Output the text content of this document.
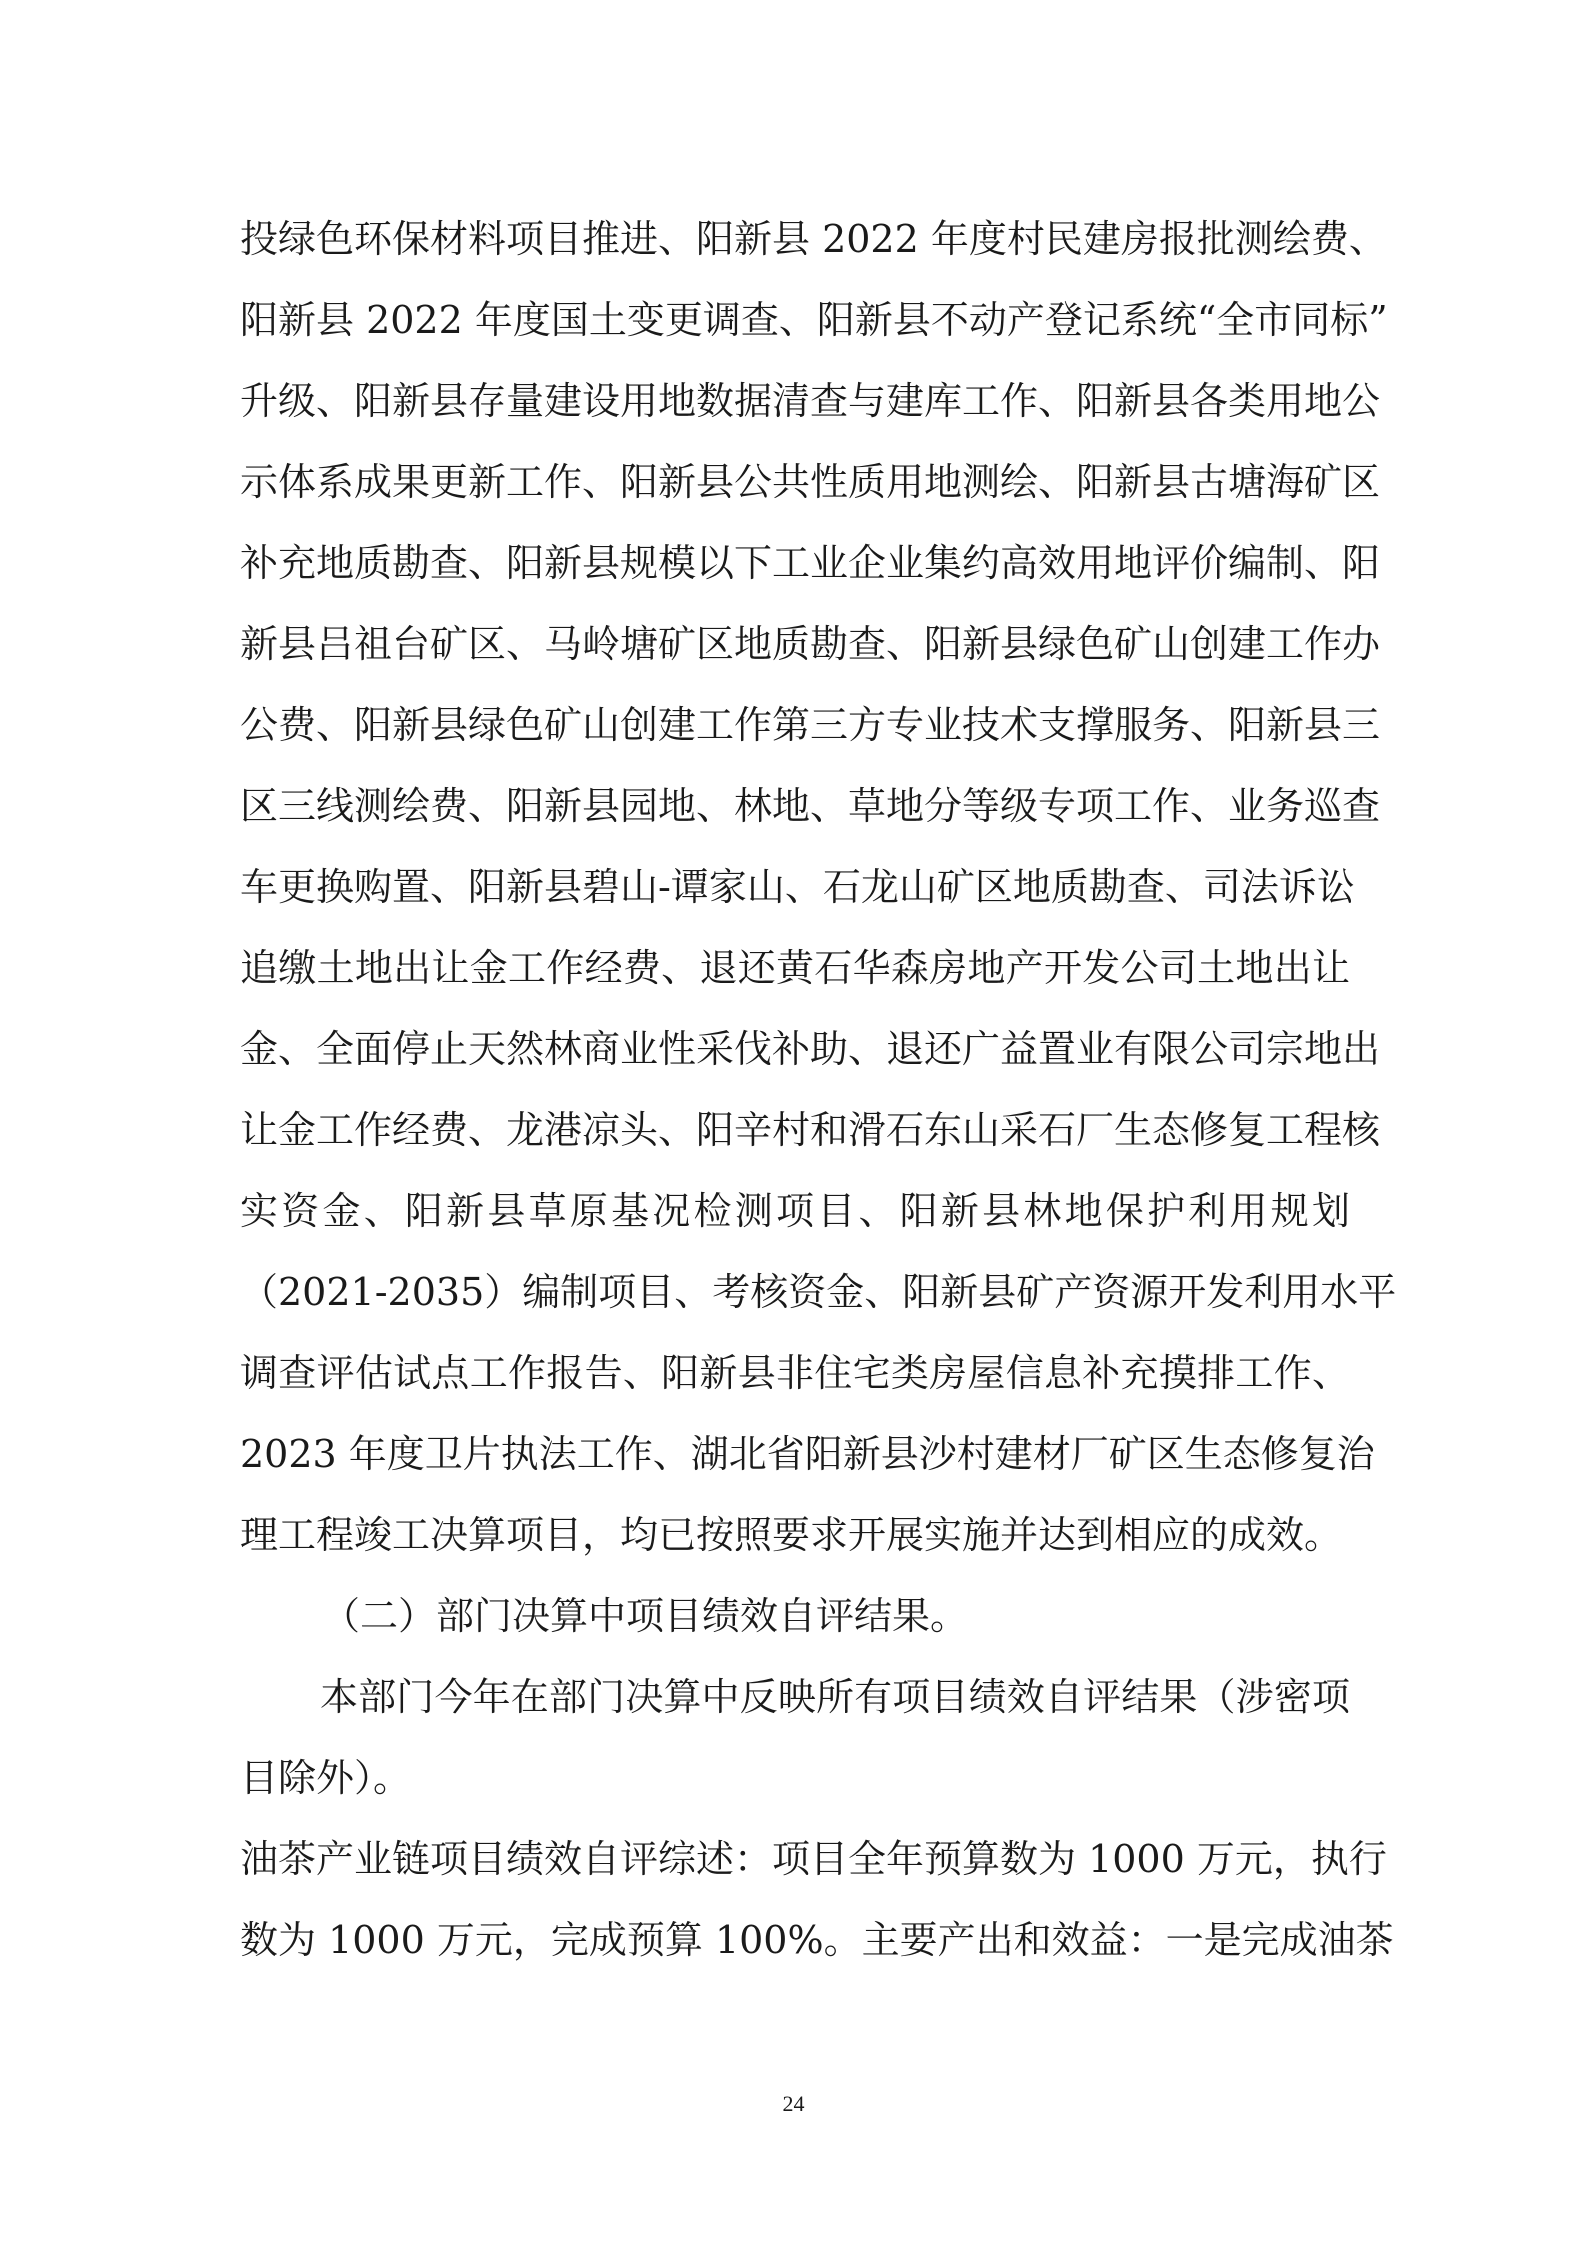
投绿色环保材料项目推进、阳新县 2022 年度村民建房报批测绘费、
阳新县 2022 年度国土变更调查、阳新县不动产登记系统“全市同标”
升级、阳新县存量建设用地数据清查与建库工作、阳新县各类用地公
示体系成果更新工作、阳新县公共性质用地测绘、阳新县古塘海矿区
补充地质勘查、阳新县规模以下工业企业集约高效用地评价编制、阳
新县吕祖台矿区、马岭塘矿区地质勘查、阳新县绿色矿山创建工作办
公费、阳新县绿色矿山创建工作第三方专业技术支撑服务、阳新县三
区三线测绘费、阳新县园地、林地、草地分等级专项工作、业务巡查
车更换购置、阳新县碧山-谭家山、石龙山矿区地质勘查、司法诉讼
追缴土地出让金工作经费、退还黄石华森房地产开发公司土地出让
金、全面停止天然林商业性采伐补助、退还广益置业有限公司宗地出
让金工作经费、龙港凉头、阳辛村和滑石东山采石厂生态修复工程核
实资金、阳新县草原基况检测项目、阳新县林地保护利用规划
（2021-2035）编制项目、考核资金、阳新县矿产资源开发利用水平
调查评估试点工作报告、阳新县非住宅类房屋信息补充摸排工作、
2023 年度卫片执法工作、湖北省阳新县沙村建材厂矿区生态修复治
理工程竣工决算项目，均已按照要求开展实施并达到相应的成效。
（二）部门决算中项目绩效自评结果。
本部门今年在部门决算中反映所有项目绩效自评结果（涉密项
目除外）。
油茶产业链项目绩效自评综述：项目全年预算数为 1000 万元，执行
数为 1000 万元，完成预算 100%。主要产出和效益：一是完成油茶
24
